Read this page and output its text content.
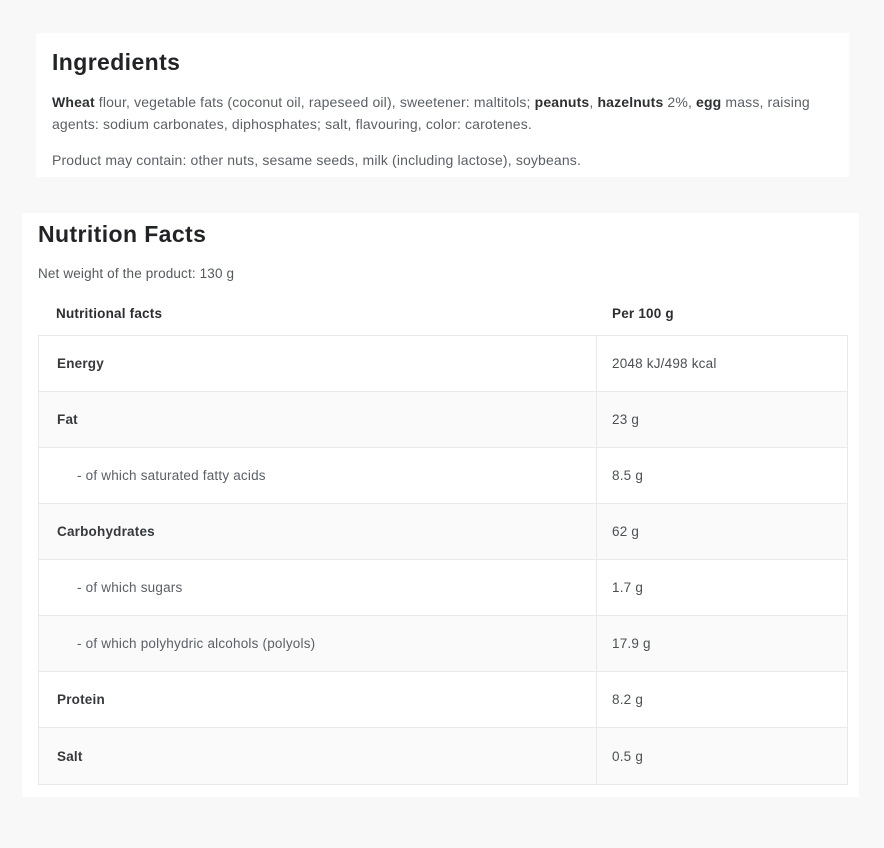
Ingredients

Wheat flour, vegetable fats (coconut oil, rapeseed oil), sweetener: maltitols; peanuts, hazelnuts 2%, egg mass, raising agents: sodium carbonates, diphosphates; salt, flavouring, color: carotenes.

Product may contain: other nuts, sesame seeds, milk (including lactose), soybeans.

Nutrition Facts

Net weight of the product: 130 g

Nutritional facts	Per 100 g
Energy	2048 kJ/498 kcal
Fat	23 g
- of which saturated fatty acids	8.5 g
Carbohydrates	62 g
- of which sugars	1.7 g
- of which polyhydric alcohols (polyols)	17.9 g
Protein	8.2 g
Salt	0.5 g
